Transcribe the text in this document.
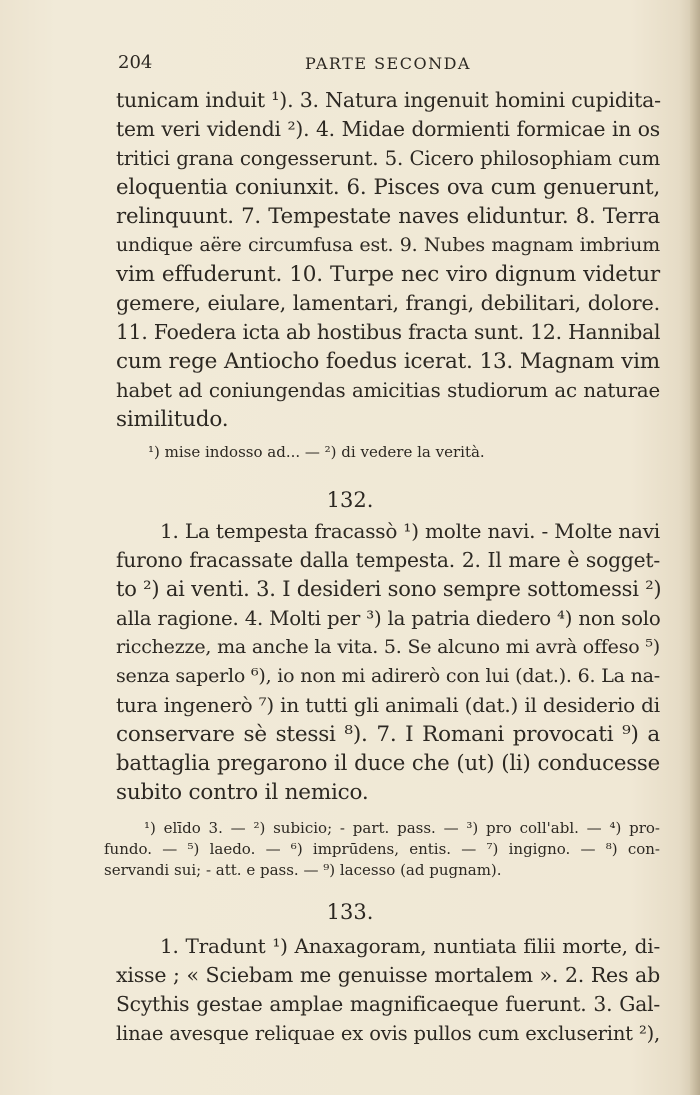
204	PARTE SECONDA
tunicam induit ¹). 3. Natura ingenuit homini cupidita-
tem veri videndi ²). 4. Midae dormienti formicae in os
tritici grana congesserunt. 5. Cicero philosophiam cum
eloquentia coniunxit. 6. Pisces ova cum genuerunt,
relinquunt. 7. Tempestate naves eliduntur. 8. Terra
undique aëre circumfusa est. 9. Nubes magnam imbrium
vim effuderunt. 10. Turpe nec viro dignum videtur
gemere, eiulare, lamentari, frangi, debilitari, dolore.
11. Foedera icta ab hostibus fracta sunt. 12. Hannibal
cum rege Antiocho foedus icerat. 13. Magnam vim
habet ad coniungendas amicitias studiorum ac naturae
similitudo.
¹) mise indosso ad... — ²) di vedere la verità.
132.
1. La tempesta fracassò ¹) molte navi. - Molte navi
furono fracassate dalla tempesta. 2. Il mare è sogget-
to ²) ai venti. 3. I desideri sono sempre sottomessi ²)
alla ragione. 4. Molti per ³) la patria diedero ⁴) non solo
ricchezze, ma anche la vita. 5. Se alcuno mi avrà offeso ⁵)
senza saperlo ⁶), io non mi adirerò con lui (dat.). 6. La na-
tura ingenerò ⁷) in tutti gli animali (dat.) il desiderio di
conservare sè stessi ⁸). 7. I Romani provocati ⁹) a
battaglia pregarono il duce che (ut) (li) conducesse
subito contro il nemico.
¹) elīdo 3. — ²) subicio; - part. pass. — ³) pro coll'abl. — ⁴) pro-
fundo. — ⁵) laedo. — ⁶) imprūdens, entis. — ⁷) ingigno. — ⁸) con-
servandi sui; - att. e pass. — ⁹) lacesso (ad pugnam).
133.
1. Tradunt ¹) Anaxagoram, nuntiata filii morte, di-
xisse ; « Sciebam me genuisse mortalem ». 2. Res ab
Scythis gestae amplae magnificaeque fuerunt. 3. Gal-
linae avesque reliquae ex ovis pullos cum excluserint ²),
